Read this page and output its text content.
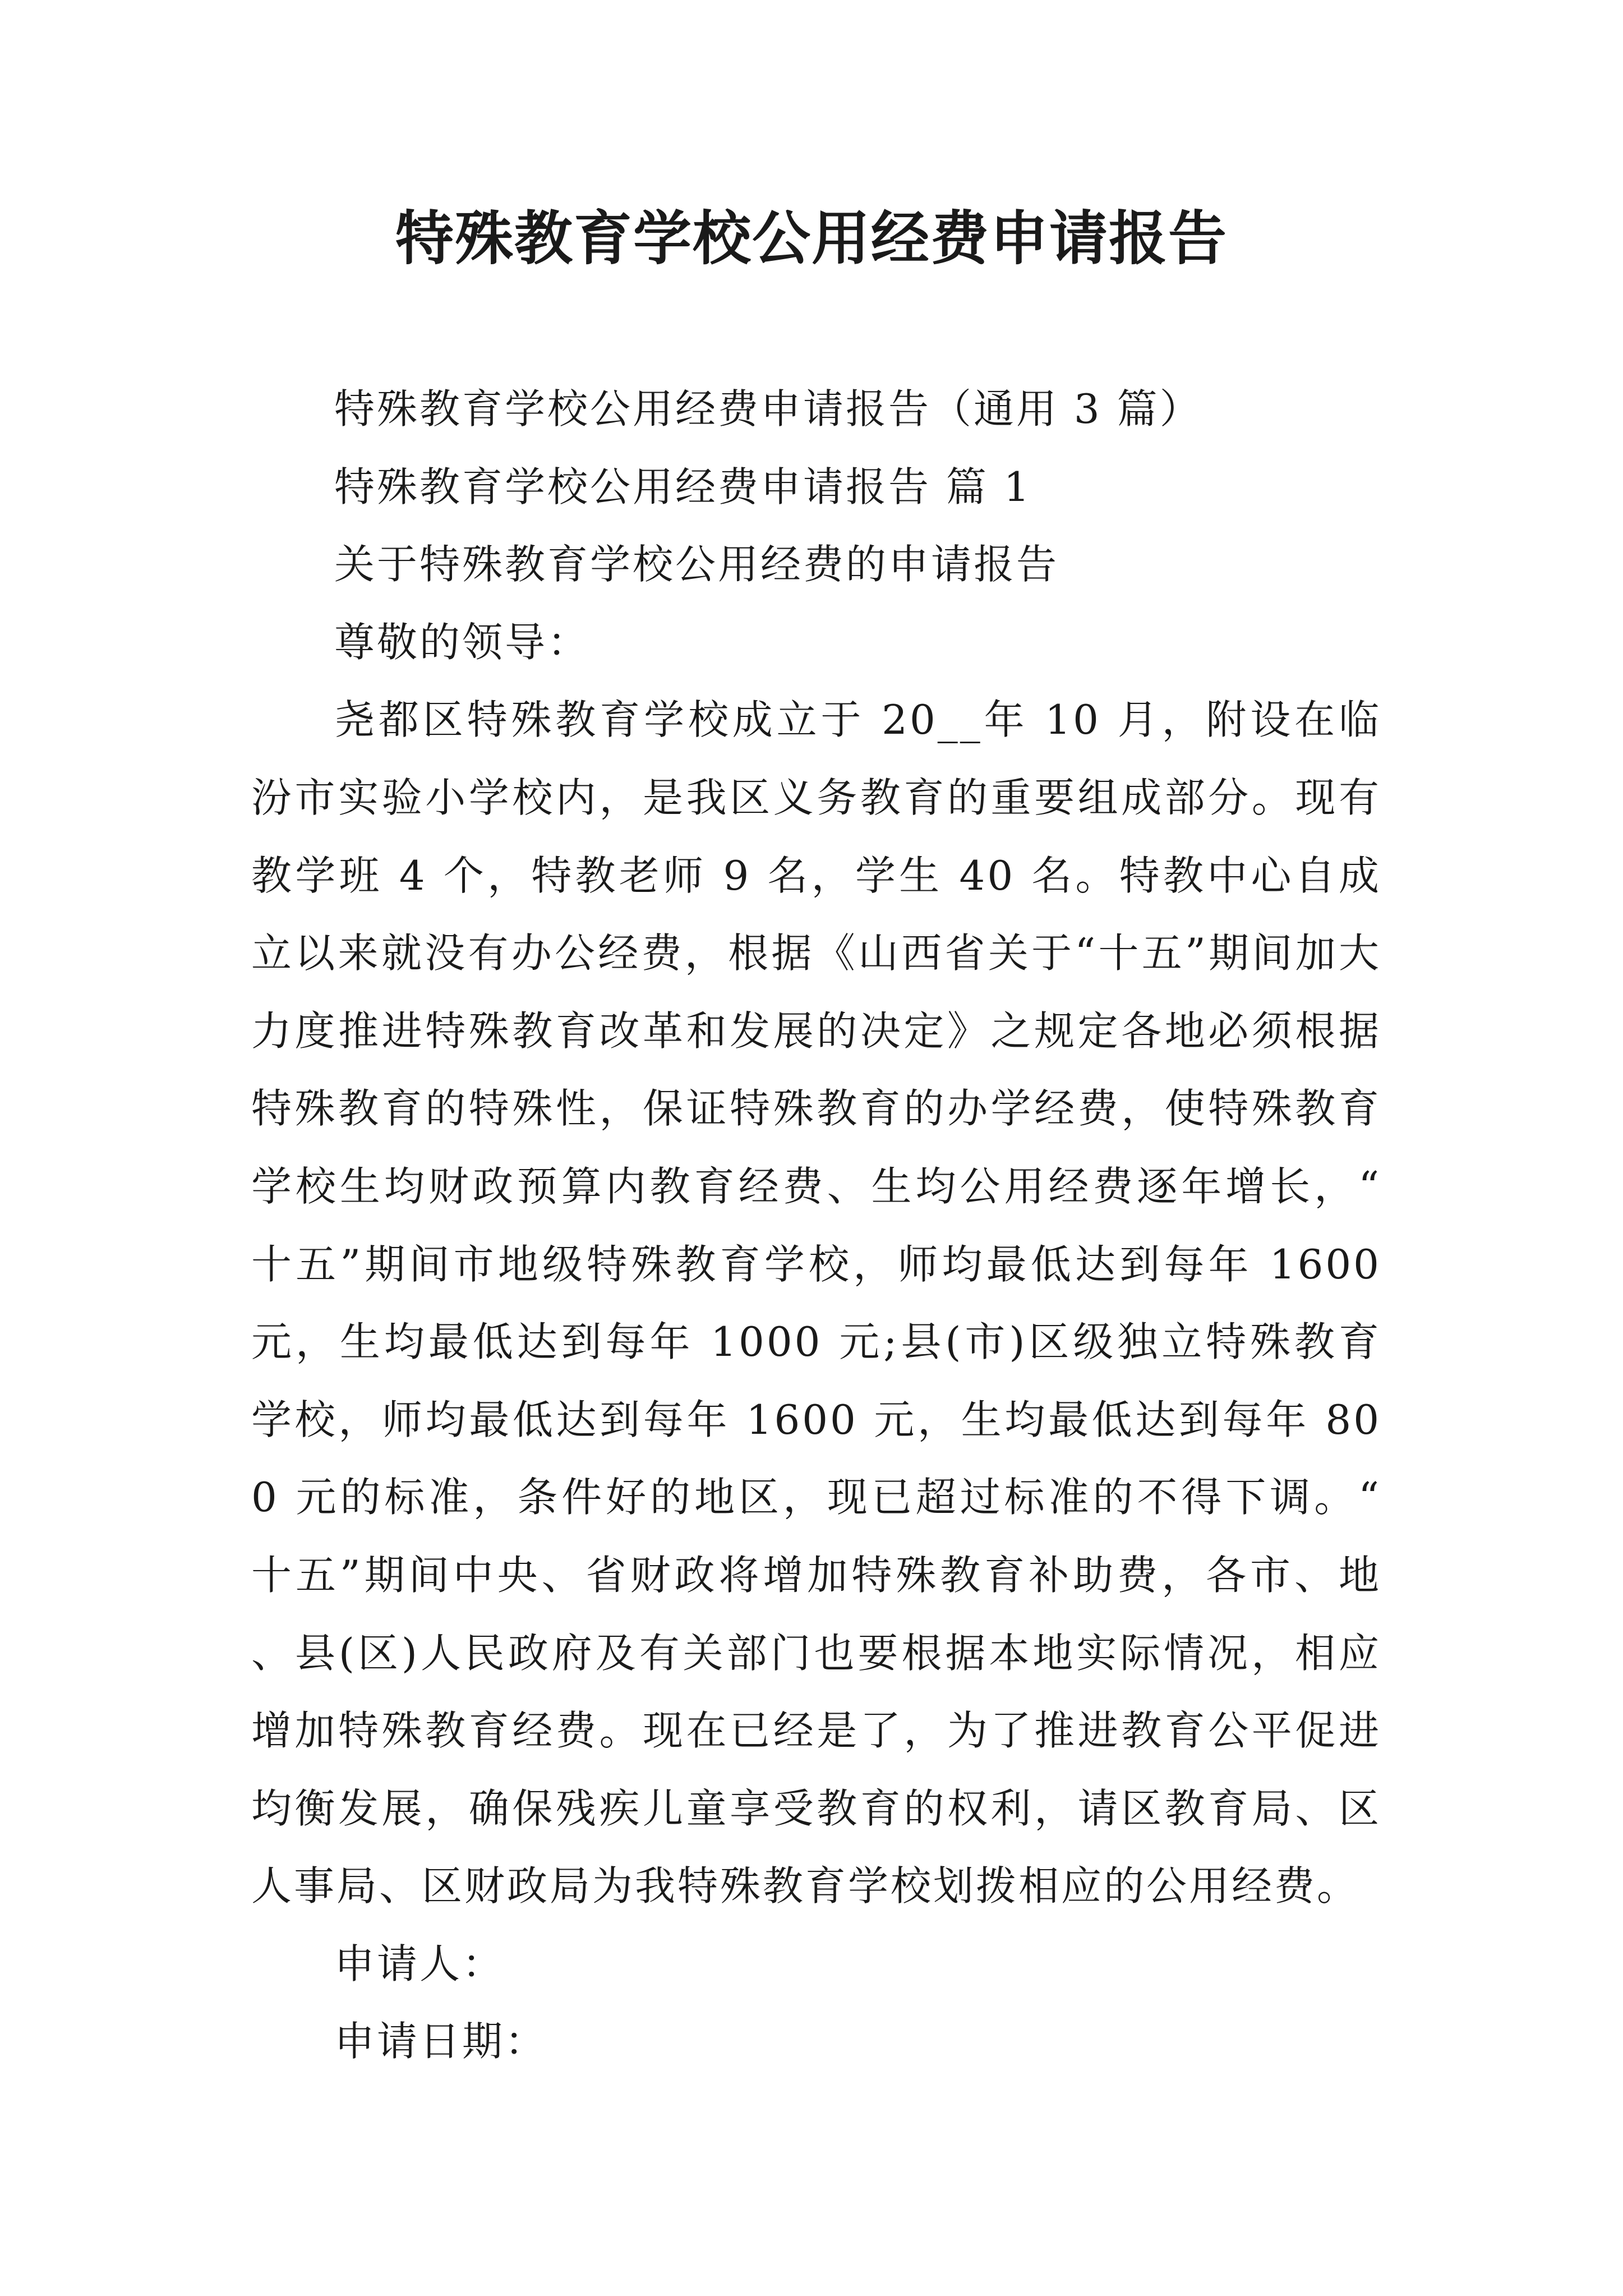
特殊教育学校公用经费申请报告

特殊教育学校公用经费申请报告（通用 3 篇）

特殊教育学校公用经费申请报告 篇 1

关于特殊教育学校公用经费的申请报告

尊敬的领导：

尧都区特殊教育学校成立于 20__年 10 月，附设在临汾市实验小学校内，是我区义务教育的重要组成部分。现有教学班 4 个，特教老师 9 名，学生 40 名。特教中心自成立以来就没有办公经费，根据《山西省关于“十五”期间加大力度推进特殊教育改革和发展的决定》之规定各地必须根据特殊教育的特殊性，保证特殊教育的办学经费，使特殊教育学校生均财政预算内教育经费、生均公用经费逐年增长，“十五”期间市地级特殊教育学校，师均最低达到每年 1600 元，生均最低达到每年 1000 元;县(市)区级独立特殊教育学校，师均最低达到每年 1600 元，生均最低达到每年 800 元的标准，条件好的地区，现已超过标准的不得下调。“十五”期间中央、省财政将增加特殊教育补助费，各市、地、县(区)人民政府及有关部门也要根据本地实际情况，相应增加特殊教育经费。现在已经是了，为了推进教育公平促进均衡发展，确保残疾儿童享受教育的权利，请区教育局、区人事局、区财政局为我特殊教育学校划拨相应的公用经费。

申请人：

申请日期：
